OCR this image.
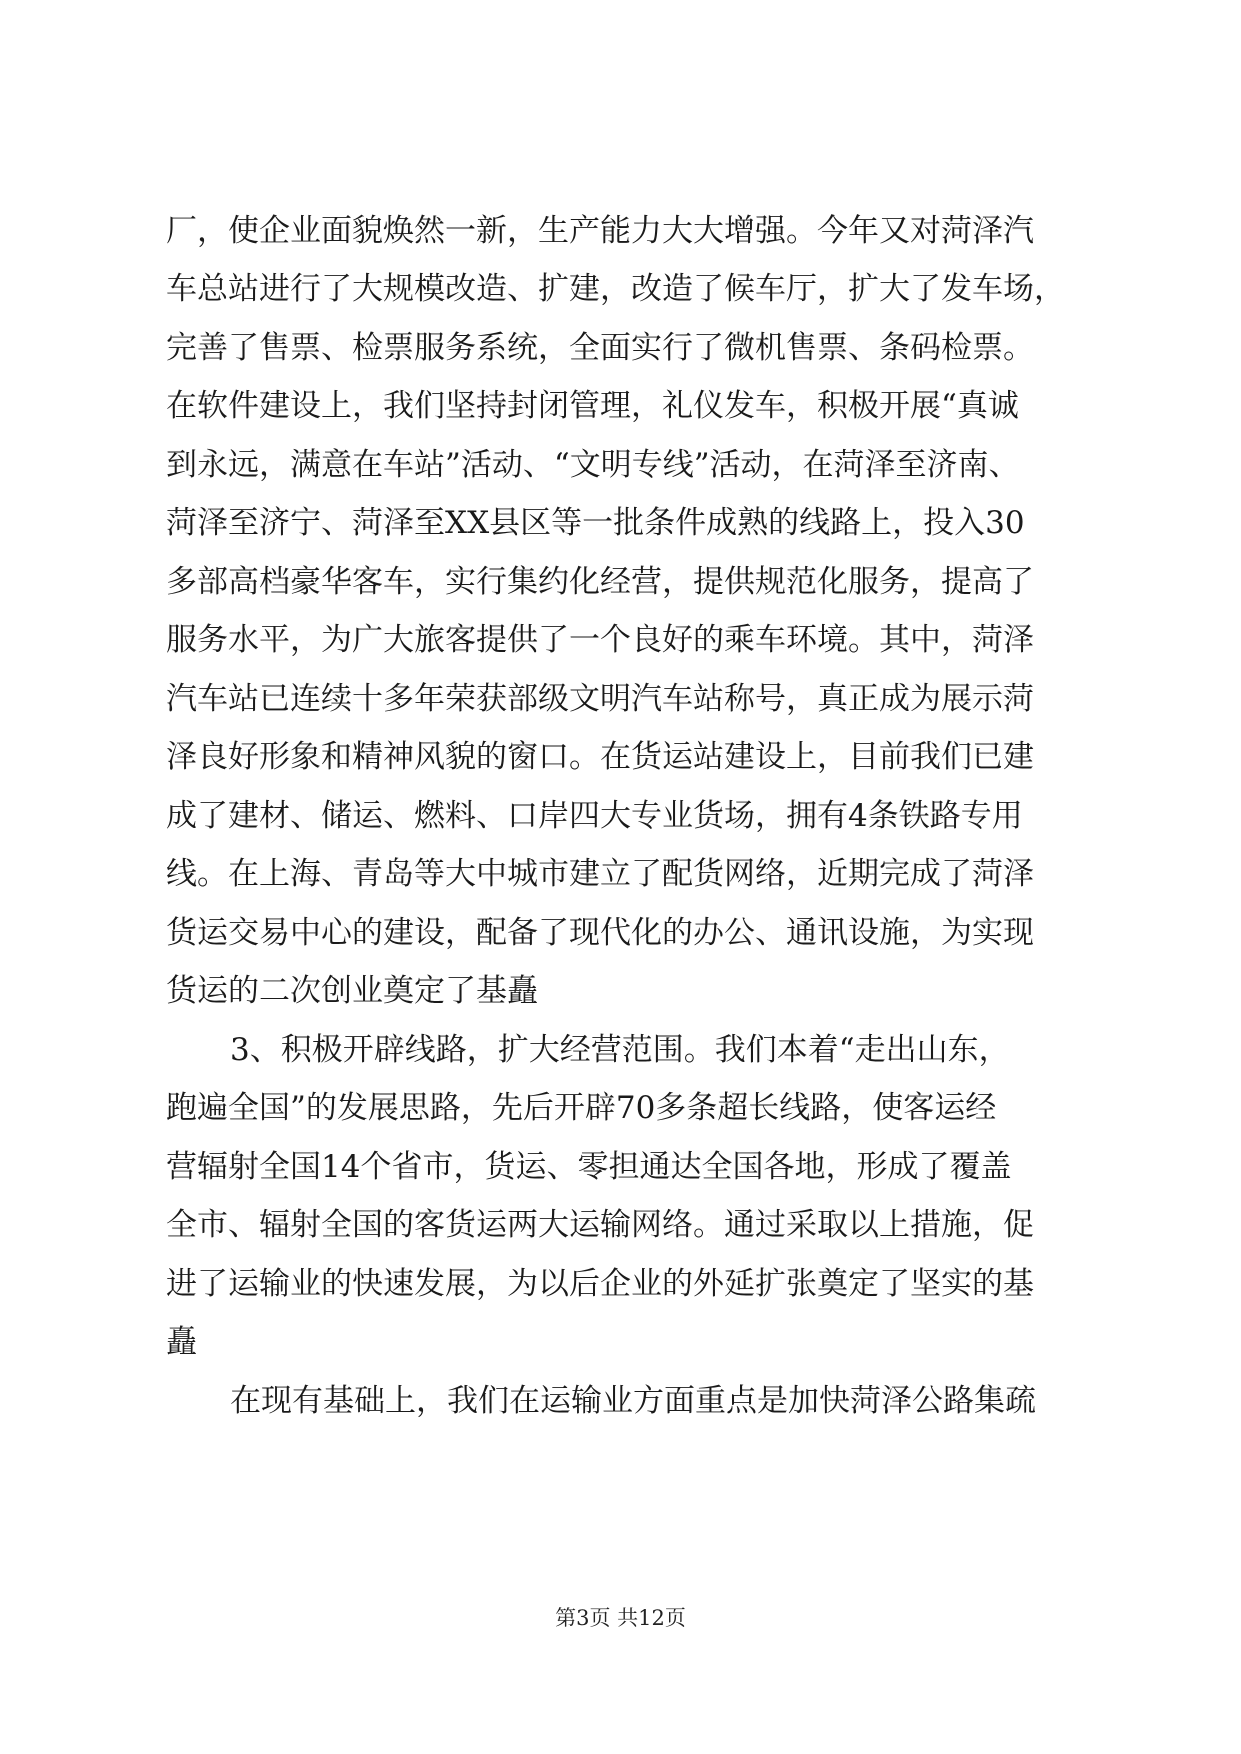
厂，使企业面貌焕然一新，生产能力大大增强。今年又对菏泽汽
车总站进行了大规模改造、扩建，改造了候车厅，扩大了发车场，
完善了售票、检票服务系统，全面实行了微机售票、条码检票。
在软件建设上，我们坚持封闭管理，礼仪发车，积极开展“真诚
到永远，满意在车站”活动、“文明专线”活动，在菏泽至济南、
菏泽至济宁、菏泽至XX县区等一批条件成熟的线路上，投入30
多部高档豪华客车，实行集约化经营，提供规范化服务，提高了
服务水平，为广大旅客提供了一个良好的乘车环境。其中，菏泽
汽车站已连续十多年荣获部级文明汽车站称号，真正成为展示菏
泽良好形象和精神风貌的窗口。在货运站建设上，目前我们已建
成了建材、储运、燃料、口岸四大专业货场，拥有4条铁路专用
线。在上海、青岛等大中城市建立了配货网络，近期完成了菏泽
货运交易中心的建设，配备了现代化的办公、通讯设施，为实现
货运的二次创业奠定了基矗
3、积极开辟线路，扩大经营范围。我们本着“走出山东，
跑遍全国”的发展思路，先后开辟70多条超长线路，使客运经
营辐射全国14个省市，货运、零担通达全国各地，形成了覆盖
全市、辐射全国的客货运两大运输网络。通过采取以上措施，促
进了运输业的快速发展，为以后企业的外延扩张奠定了坚实的基
矗
在现有基础上，我们在运输业方面重点是加快菏泽公路集疏
第3页 共12页
